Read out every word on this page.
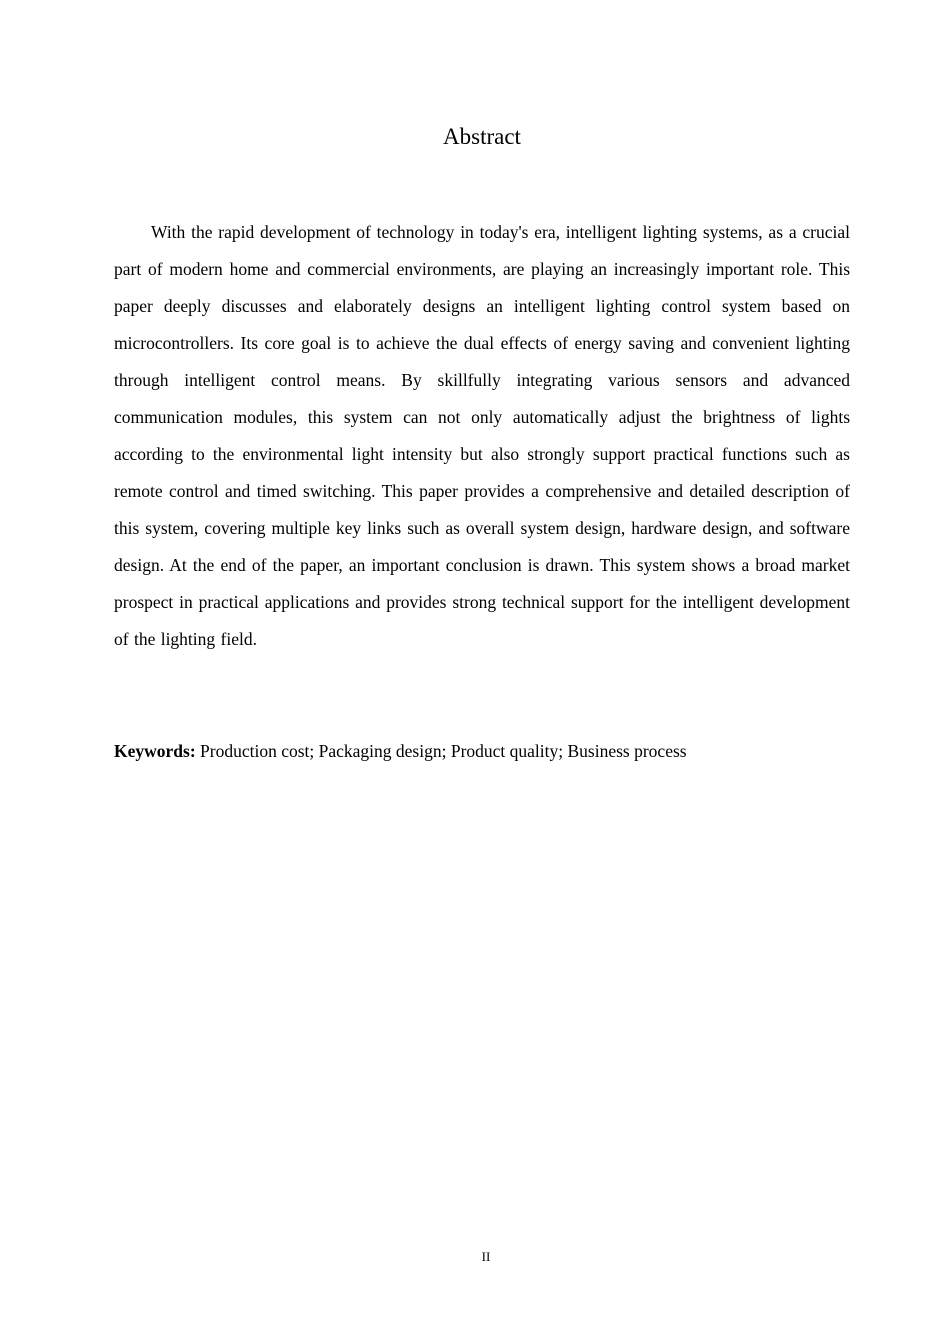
Abstract

With the rapid development of technology in today's era, intelligent lighting systems, as a crucial part of modern home and commercial environments, are playing an increasingly important role. This paper deeply discusses and elaborately designs an intelligent lighting control system based on microcontrollers. Its core goal is to achieve the dual effects of energy saving and convenient lighting through intelligent control means. By skillfully integrating various sensors and advanced communication modules, this system can not only automatically adjust the brightness of lights according to the environmental light intensity but also strongly support practical functions such as remote control and timed switching. This paper provides a comprehensive and detailed description of this system, covering multiple key links such as overall system design, hardware design, and software design. At the end of the paper, an important conclusion is drawn. This system shows a broad market prospect in practical applications and provides strong technical support for the intelligent development of the lighting field.

Keywords: Production cost; Packaging design; Product quality; Business process

II
